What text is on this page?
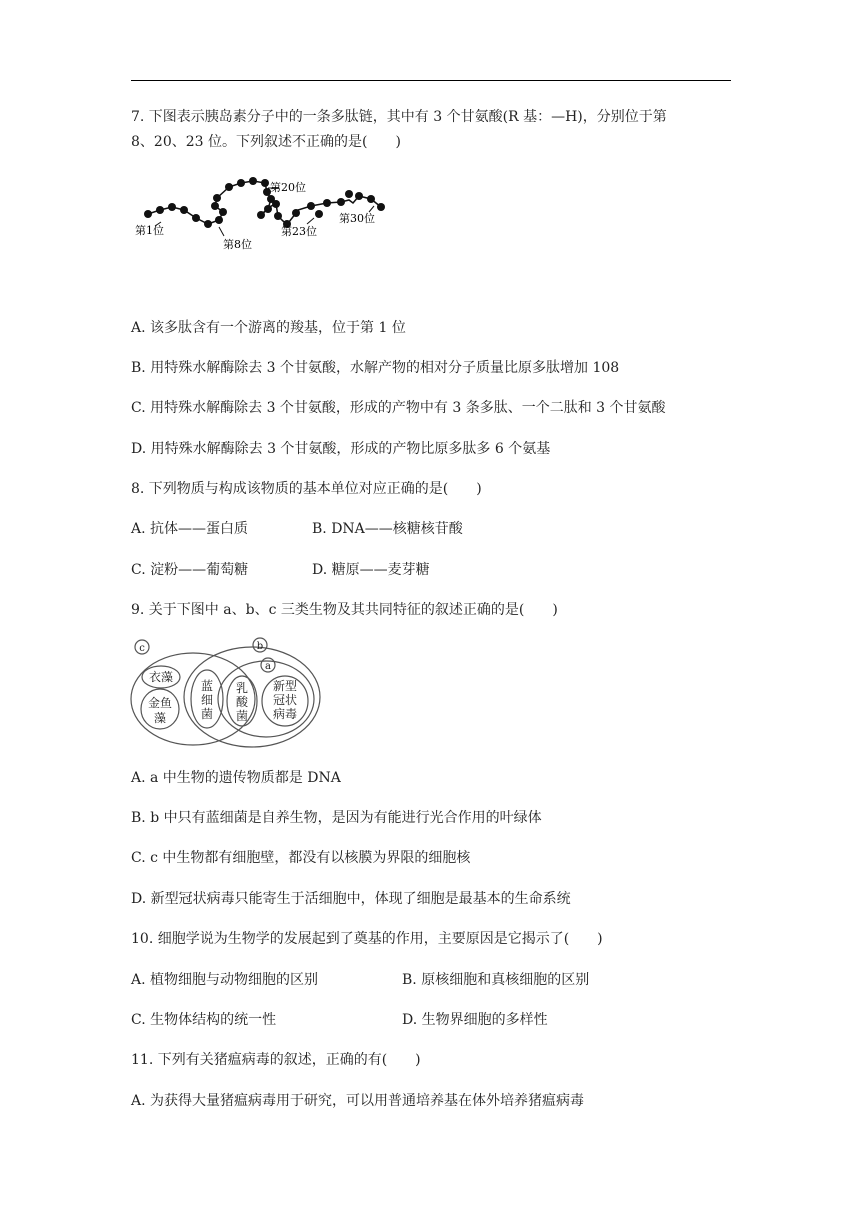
7. 下图表示胰岛素分子中的一条多肽链，其中有 3 个甘氨酸(R 基：—H)，分别位于第
8、20、23 位。下列叙述不正确的是(　　)
第1位
第8位
第20位
第23位
第30位
A. 该多肽含有一个游离的羧基，位于第 1 位
B. 用特殊水解酶除去 3 个甘氨酸，水解产物的相对分子质量比原多肽增加 108
C. 用特殊水解酶除去 3 个甘氨酸，形成的产物中有 3 条多肽、一个二肽和 3 个甘氨酸
D. 用特殊水解酶除去 3 个甘氨酸，形成的产物比原多肽多 6 个氨基
8. 下列物质与构成该物质的基本单位对应正确的是(　　)
A. 抗体——蛋白质	B. DNA——核糖核苷酸
C. 淀粉——葡萄糖	D. 糖原——麦芽糖
9. 关于下图中 a、b、c 三类生物及其共同特征的叙述正确的是(　　)
c	b
a
衣藻
金鱼
藻
蓝
细
菌
乳
酸
菌
新型
冠状
病毒
A. a 中生物的遗传物质都是 DNA
B. b 中只有蓝细菌是自养生物，是因为有能进行光合作用的叶绿体
C. c 中生物都有细胞壁，都没有以核膜为界限的细胞核
D. 新型冠状病毒只能寄生于活细胞中，体现了细胞是最基本的生命系统
10. 细胞学说为生物学的发展起到了奠基的作用，主要原因是它揭示了(　　)
A. 植物细胞与动物细胞的区别	B. 原核细胞和真核细胞的区别
C. 生物体结构的统一性	D. 生物界细胞的多样性
11. 下列有关猪瘟病毒的叙述，正确的有(　　)
A. 为获得大量猪瘟病毒用于研究，可以用普通培养基在体外培养猪瘟病毒
